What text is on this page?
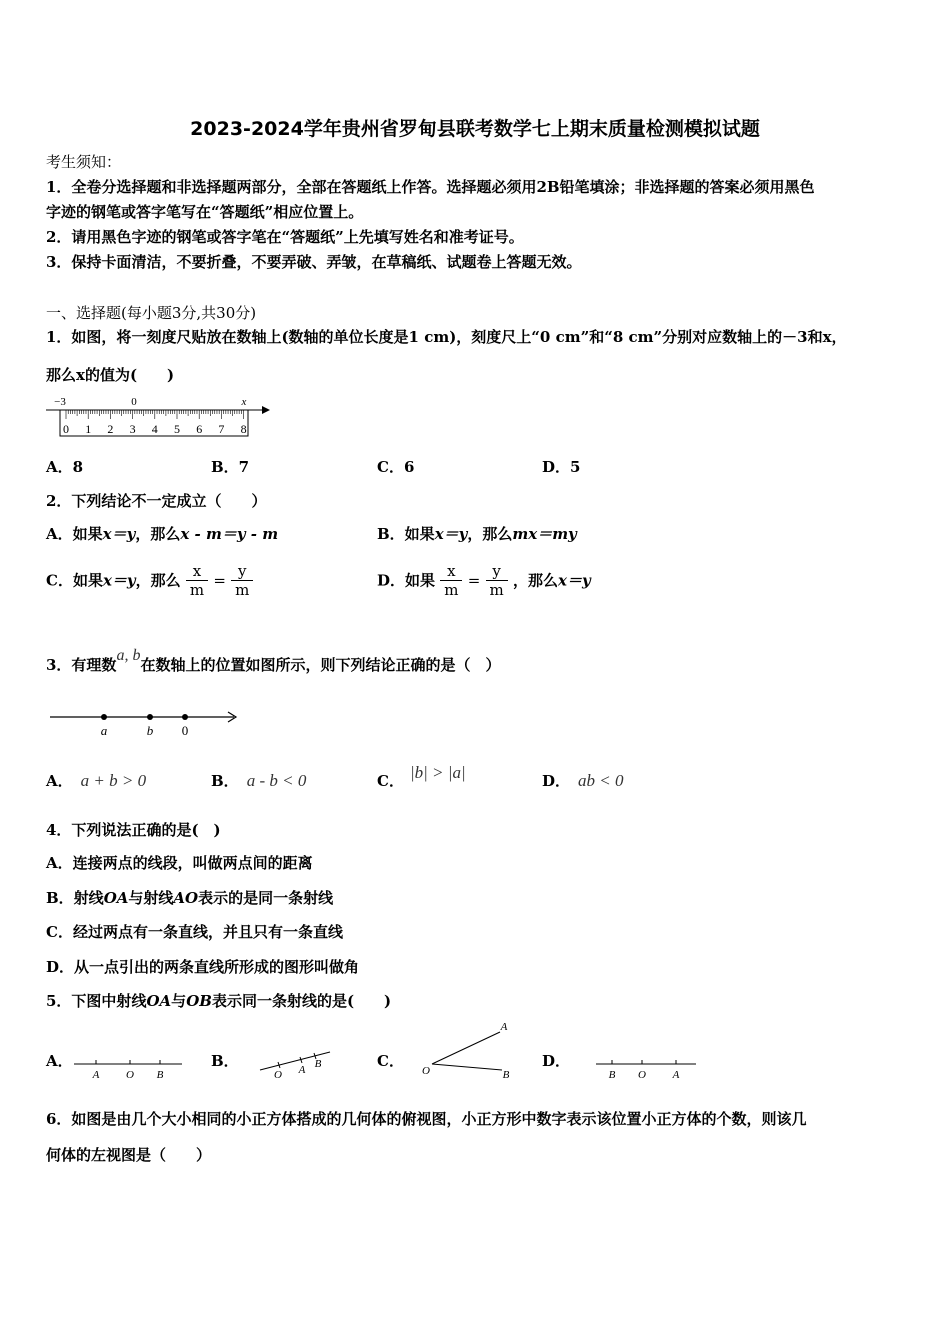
2023-2024学年贵州省罗甸县联考数学七上期末质量检测模拟试题
考生须知：
1．全卷分选择题和非选择题两部分，全部在答题纸上作答。选择题必须用2B铅笔填涂；非选择题的答案必须用黑色
字迹的钢笔或答字笔写在“答题纸”相应位置上。
2．请用黑色字迹的钢笔或答字笔在“答题纸”上先填写姓名和准考证号。
3．保持卡面清洁，不要折叠，不要弄破、弄皱，在草稿纸、试题卷上答题无效。
一、选择题(每小题3分,共30分)
1．如图，将一刻度尺贴放在数轴上(数轴的单位长度是1 cm)，刻度尺上“0 cm”和“8 cm”分别对应数轴上的－3和x，
那么x的值为(　　)
−3	0	x
0 1 2 3 4 5 6 7 8
A．8	B．7	C．6	D．5
2．下列结论不一定成立（　　）
A．如果x＝y，那么x - m＝y - m	B．如果x＝y，那么mx＝my
C．如果x＝y，那么 $\frac{x}{m} = \frac{y}{m}$	D．如果 $\frac{x}{m} = \frac{y}{m}$ ，那么x＝y
3．有理数a, b在数轴上的位置如图所示，则下列结论正确的是（　）
a	b 0
A． a + b > 0	B． a - b < 0	C． |b| > |a|	D． ab < 0
4．下列说法正确的是(　)
A．连接两点的线段，叫做两点间的距离
B．射线OA与射线AO表示的是同一条射线
C．经过两点有一条直线，并且只有一条直线
D．从一点引出的两条直线所形成的图形叫做角
5．下图中射线OA与OB表示同一条射线的是(　　)
A．
A O B
B．
O A B	C．
A
O	B
D．
B O A
6．如图是由几个大小相同的小正方体搭成的几何体的俯视图，小正方形中数字表示该位置小正方体的个数，则该几
何体的左视图是（　　）
